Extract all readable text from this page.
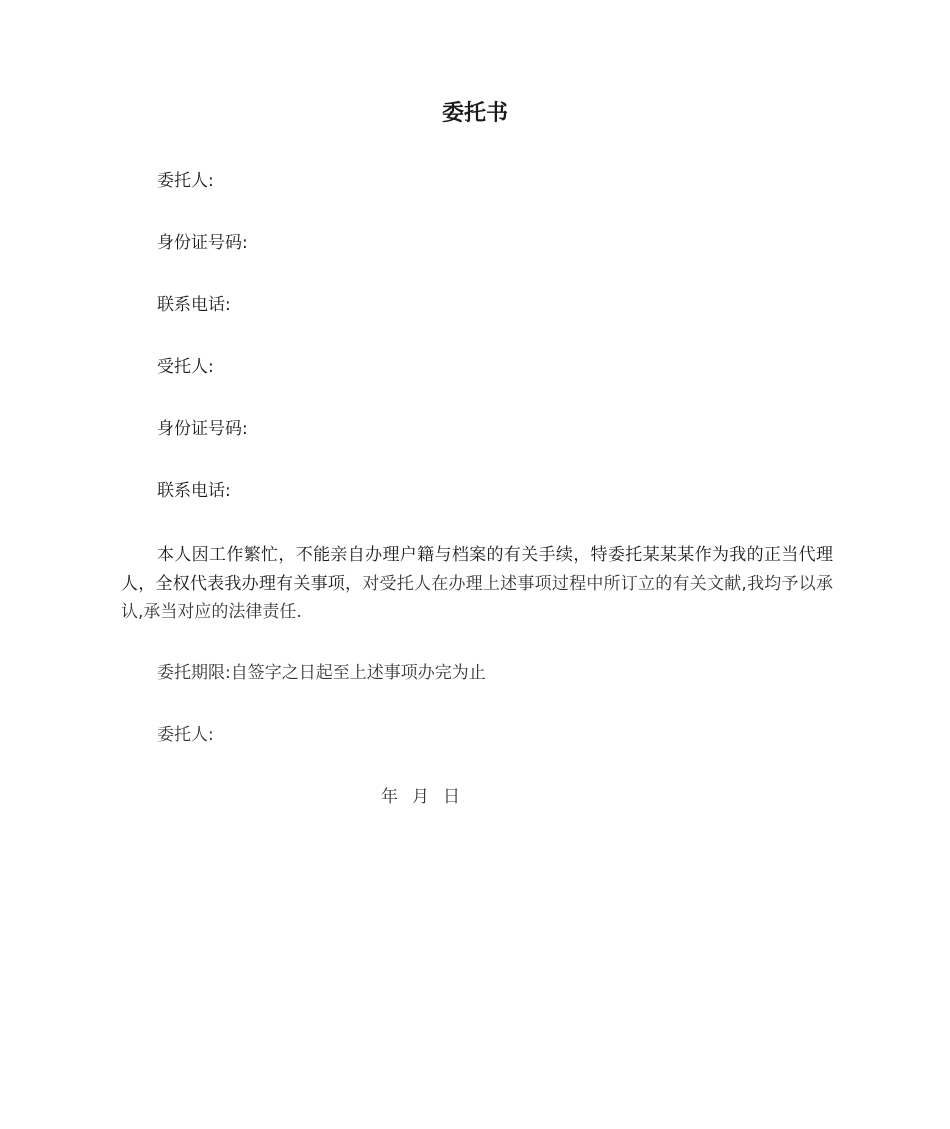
委托书
委托人:
身份证号码:
联系电话:
受托人:
身份证号码:
联系电话:
本人因工作繁忙，不能亲自办理户籍与档案的有关手续，特委托某某某作为我的正当代理人，全权代表我办理有关事项，对受托人在办理上述事项过程中所订立的有关文献,我均予以承认,承当对应的法律责任.
委托期限:自签字之日起至上述事项办完为止
委托人:
年 月 日
